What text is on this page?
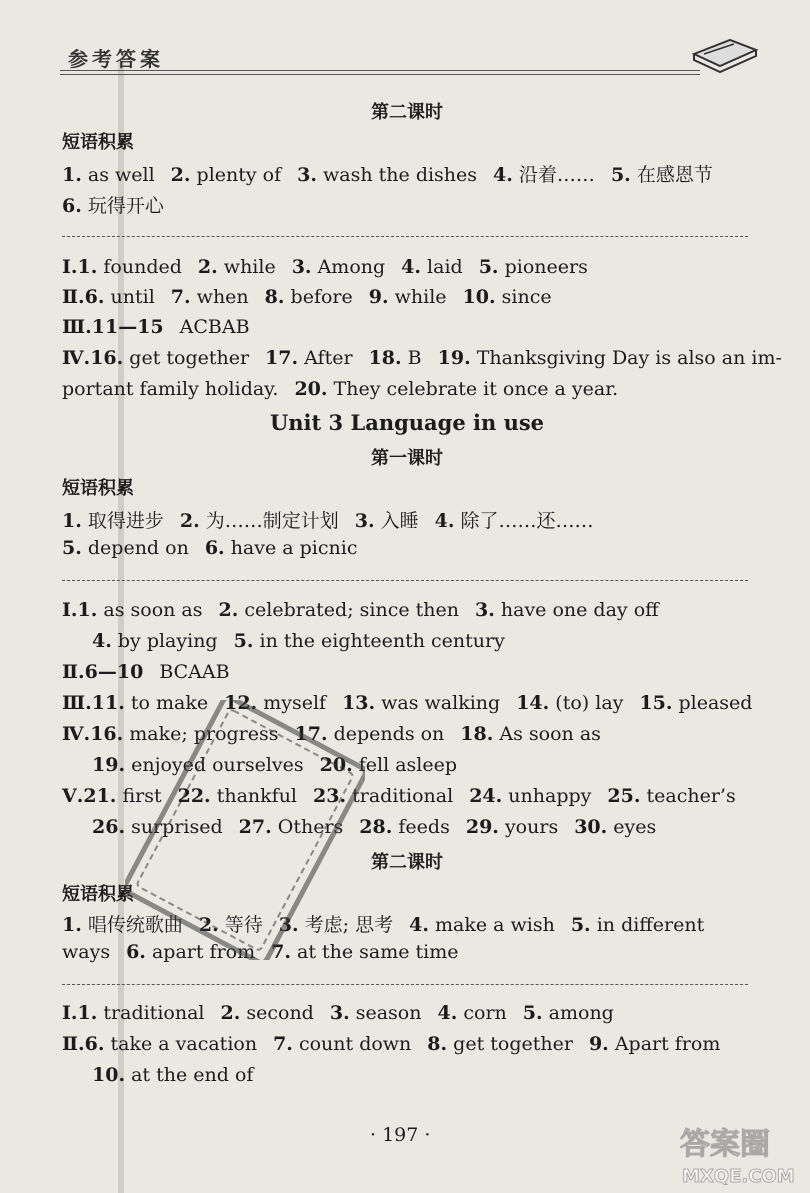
参考答案
第二课时
短语积累
1. as well 2. plenty of 3. wash the dishes 4. 沿着…… 5. 在感恩节
6. 玩得开心
Ⅰ.1. founded 2. while 3. Among 4. laid 5. pioneers
Ⅱ.6. until 7. when 8. before 9. while 10. since
Ⅲ.11—15 ACBAB
Ⅳ.16. get together 17. After 18. B 19. Thanksgiving Day is also an im-
portant family holiday. 20. They celebrate it once a year.
Unit 3 Language in use
第一课时
短语积累
1. 取得进步 2. 为……制定计划 3. 入睡 4. 除了……还……
5. depend on 6. have a picnic
Ⅰ.1. as soon as 2. celebrated; since then 3. have one day off
4. by playing 5. in the eighteenth century
Ⅱ.6—10 BCAAB
Ⅲ.11. to make 12. myself 13. was walking 14. (to) lay 15. pleased
Ⅳ.16. make; progress 17. depends on 18. As soon as
19. enjoyed ourselves 20. fell asleep
Ⅴ.21. first 22. thankful 23. traditional 24. unhappy 25. teacher’s
26. surprised 27. Others 28. feeds 29. yours 30. eyes
第二课时
短语积累
1. 唱传统歌曲 2. 等待 3. 考虑; 思考 4. make a wish 5. in different
ways 6. apart from 7. at the same time
Ⅰ.1. traditional 2. second 3. season 4. corn 5. among
Ⅱ.6. take a vacation 7. count down 8. get together 9. Apart from
10. at the end of
· 197 ·	答案圈
MXQE.COM
